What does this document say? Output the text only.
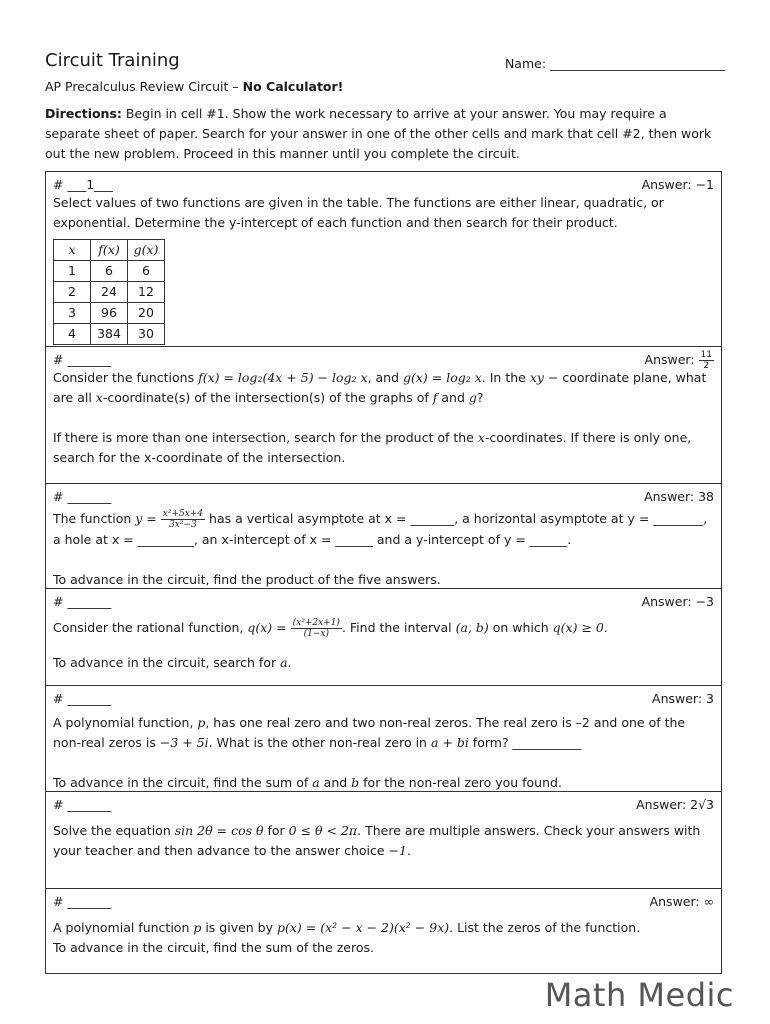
Circuit Training	Name: ____________________________
AP Precalculus Review Circuit – No Calculator!
Directions: Begin in cell #1. Show the work necessary to arrive at your answer. You may require a separate sheet of paper. Search for your answer in one of the other cells and mark that cell #2, then work out the new problem. Proceed in this manner until you complete the circuit.
# ___1___	Answer: −1
Select values of two functions are given in the table. The functions are either linear, quadratic, or exponential. Determine the y-intercept of each function and then search for their product.
x	f(x)	g(x)
1	6	6
2	24	12
3	96	20
4	384	30
# _______	Answer: $\frac{11}{2}$
Consider the functions f(x) = log₂(4x + 5) − log₂ x, and g(x) = log₂ x. In the xy − coordinate plane, what are all x-coordinate(s) of the intersection(s) of the graphs of f and g?
If there is more than one intersection, search for the product of the x-coordinates. If there is only one, search for the x-coordinate of the intersection.
# _______	Answer: 38
The function $y = \frac{\text{x²+5x+4}}{\text{3x²−3}}$ has a vertical asymptote at x = _______, a horizontal asymptote at y = ________, a hole at x = _________, an x-intercept of x = ______ and a y-intercept of y = ______.
To advance in the circuit, find the product of the five answers.
# _______	Answer: −3
Consider the rational function, $q(x) = \frac{\text{(x²+2x+1)}}{(1-x)}$ . Find the interval (a, b) on which q(x) ≥ 0.
To advance in the circuit, search for a.
# _______	Answer: 3
A polynomial function, p, has one real zero and two non-real zeros. The real zero is –2 and one of the non-real zeros is −3 + 5i. What is the other non-real zero in a + bi form? ___________
To advance in the circuit, find the sum of a and b for the non-real zero you found.
# _______	Answer: 2√3
Solve the equation sin 2θ = cos θ for 0 ≤ θ < 2π. There are multiple answers. Check your answers with your teacher and then advance to the answer choice −1.
# _______	Answer: ∞
A polynomial function p is given by p(x) = (x² − x − 2)(x² − 9x). List the zeros of the function.
To advance in the circuit, find the sum of the zeros.
Math Medic
